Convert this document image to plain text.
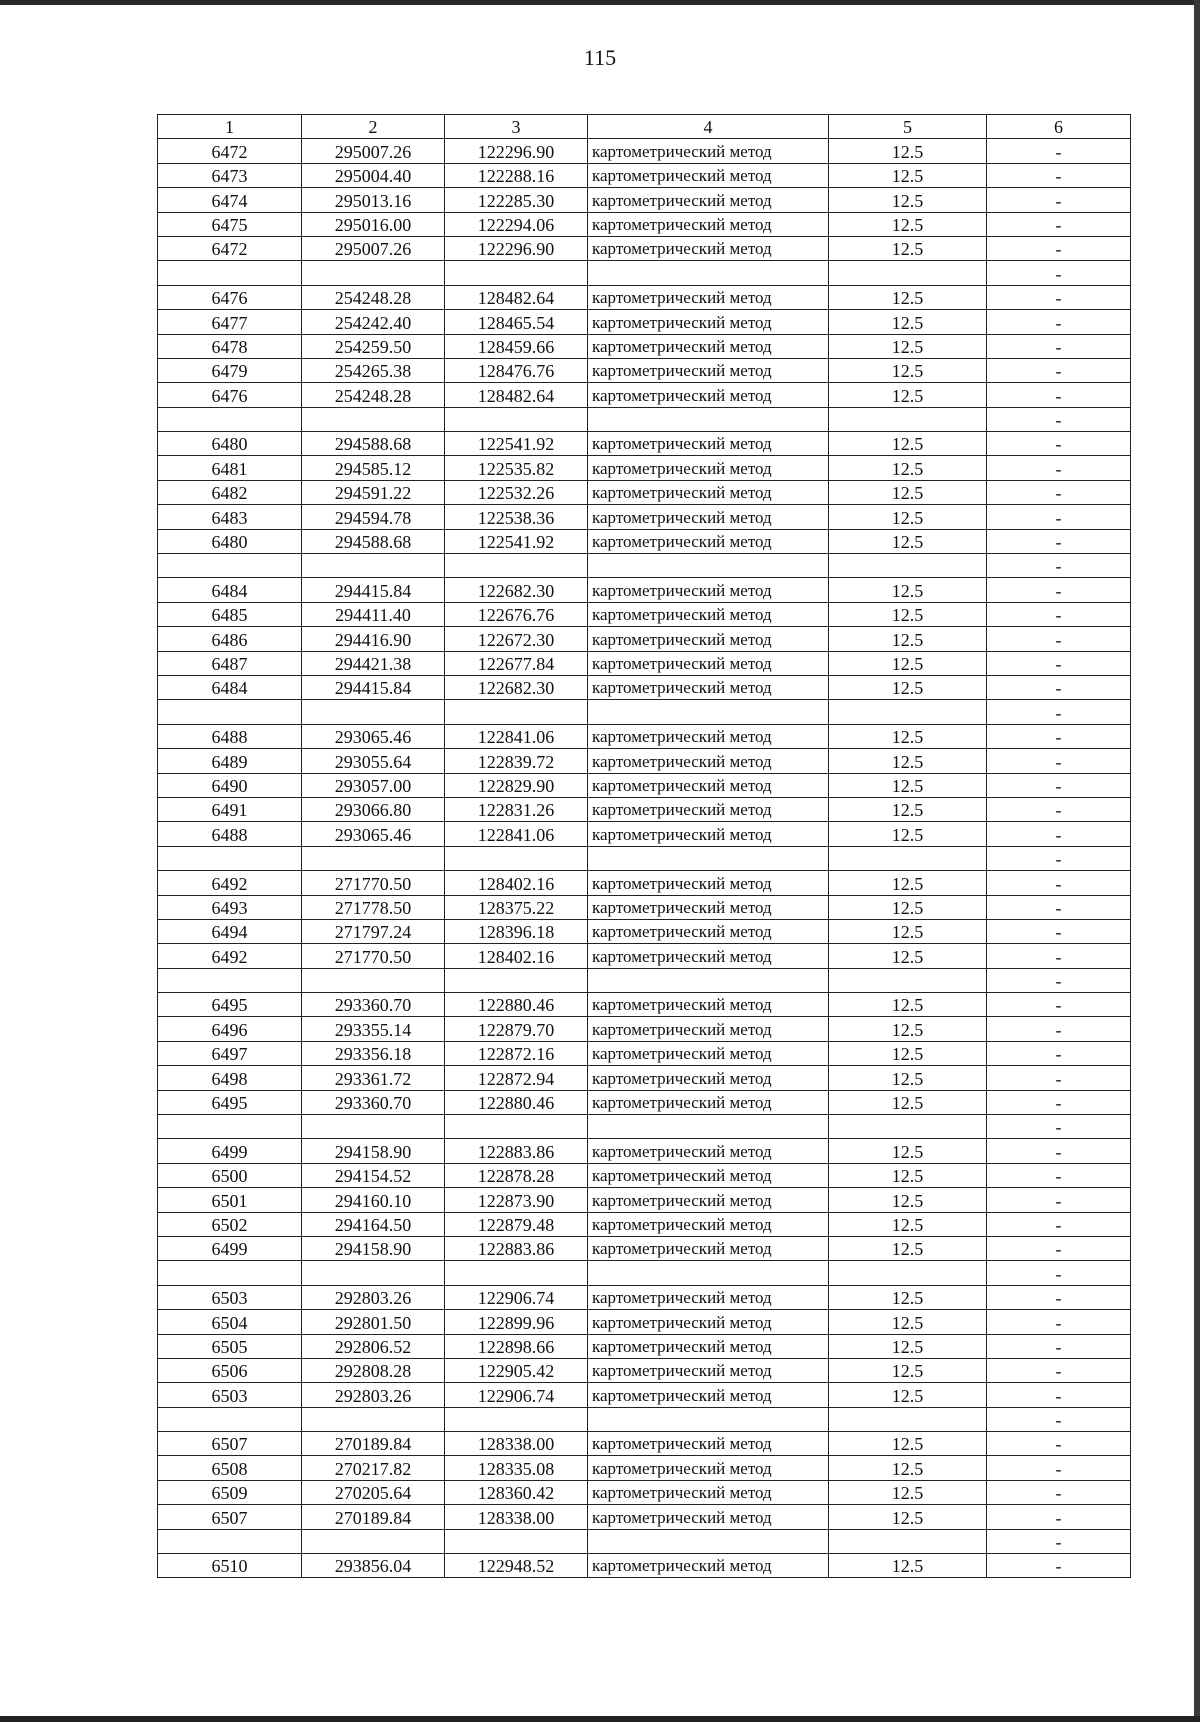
115
1	2	3	4	5	6
6472	295007.26	122296.90	картометрический метод	12.5	-
6473	295004.40	122288.16	картометрический метод	12.5	-
6474	295013.16	122285.30	картометрический метод	12.5	-
6475	295016.00	122294.06	картометрический метод	12.5	-
6472	295007.26	122296.90	картометрический метод	12.5	-
					-
6476	254248.28	128482.64	картометрический метод	12.5	-
6477	254242.40	128465.54	картометрический метод	12.5	-
6478	254259.50	128459.66	картометрический метод	12.5	-
6479	254265.38	128476.76	картометрический метод	12.5	-
6476	254248.28	128482.64	картометрический метод	12.5	-
					-
6480	294588.68	122541.92	картометрический метод	12.5	-
6481	294585.12	122535.82	картометрический метод	12.5	-
6482	294591.22	122532.26	картометрический метод	12.5	-
6483	294594.78	122538.36	картометрический метод	12.5	-
6480	294588.68	122541.92	картометрический метод	12.5	-
					-
6484	294415.84	122682.30	картометрический метод	12.5	-
6485	294411.40	122676.76	картометрический метод	12.5	-
6486	294416.90	122672.30	картометрический метод	12.5	-
6487	294421.38	122677.84	картометрический метод	12.5	-
6484	294415.84	122682.30	картометрический метод	12.5	-
					-
6488	293065.46	122841.06	картометрический метод	12.5	-
6489	293055.64	122839.72	картометрический метод	12.5	-
6490	293057.00	122829.90	картометрический метод	12.5	-
6491	293066.80	122831.26	картометрический метод	12.5	-
6488	293065.46	122841.06	картометрический метод	12.5	-
					-
6492	271770.50	128402.16	картометрический метод	12.5	-
6493	271778.50	128375.22	картометрический метод	12.5	-
6494	271797.24	128396.18	картометрический метод	12.5	-
6492	271770.50	128402.16	картометрический метод	12.5	-
					-
6495	293360.70	122880.46	картометрический метод	12.5	-
6496	293355.14	122879.70	картометрический метод	12.5	-
6497	293356.18	122872.16	картометрический метод	12.5	-
6498	293361.72	122872.94	картометрический метод	12.5	-
6495	293360.70	122880.46	картометрический метод	12.5	-
					-
6499	294158.90	122883.86	картометрический метод	12.5	-
6500	294154.52	122878.28	картометрический метод	12.5	-
6501	294160.10	122873.90	картометрический метод	12.5	-
6502	294164.50	122879.48	картометрический метод	12.5	-
6499	294158.90	122883.86	картометрический метод	12.5	-
					-
6503	292803.26	122906.74	картометрический метод	12.5	-
6504	292801.50	122899.96	картометрический метод	12.5	-
6505	292806.52	122898.66	картометрический метод	12.5	-
6506	292808.28	122905.42	картометрический метод	12.5	-
6503	292803.26	122906.74	картометрический метод	12.5	-
					-
6507	270189.84	128338.00	картометрический метод	12.5	-
6508	270217.82	128335.08	картометрический метод	12.5	-
6509	270205.64	128360.42	картометрический метод	12.5	-
6507	270189.84	128338.00	картометрический метод	12.5	-
					-
6510	293856.04	122948.52	картометрический метод	12.5	-
